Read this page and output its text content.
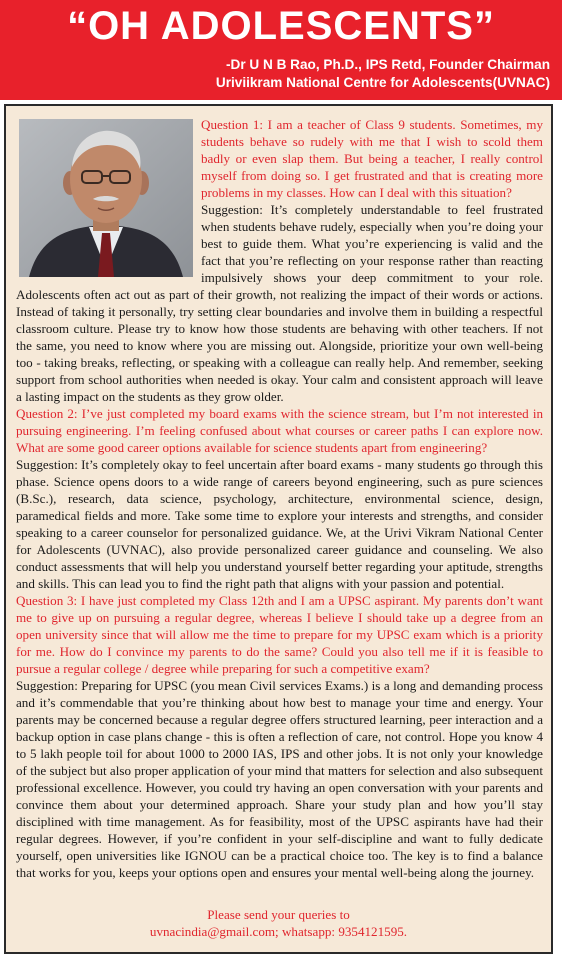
“OH ADOLESCENTS”
-Dr U N B Rao, Ph.D., IPS Retd, Founder Chairman
Uriviikram National Centre for Adolescents(UVNAC)

Question 1: I am a teacher of Class 9 students. Sometimes, my students behave so rudely with me that I wish to scold them badly or even slap them. But being a teacher, I really control myself from doing so. I get frustrated and that is creating more problems in my classes. How can I deal with this situation?

Suggestion: It’s completely understandable to feel frustrated when students behave rudely, especially when you’re doing your best to guide them. What you’re experiencing is valid and the fact that you’re reflecting on your response rather than reacting impulsively shows your deep commitment to your role. Adolescents often act out as part of their growth, not realizing the impact of their words or actions. Instead of taking it personally, try setting clear boundaries and involve them in building a respectful classroom culture. Please try to know how those students are behaving with other teachers. If not the same, you need to know where you are missing out. Alongside, prioritize your own well-being too - taking breaks, reflecting, or speaking with a colleague can really help. And remember, seeking support from school authorities when needed is okay. Your calm and consistent approach will leave a lasting impact on the students as they grow older.

Question 2: I’ve just completed my board exams with the science stream, but I’m not interested in pursuing engineering. I’m feeling confused about what courses or career paths I can explore now. What are some good career options available for science students apart from engineering?

Suggestion: It’s completely okay to feel uncertain after board exams - many students go through this phase. Science opens doors to a wide range of careers beyond engineering, such as pure sciences (B.Sc.), research, data science, psychology, architecture, environmental science, design, paramedical fields and more. Take some time to explore your interests and strengths, and consider speaking to a career counselor for personalized guidance. We, at the Urivi Vikram National Center for Adolescents (UVNAC), also provide personalized career guidance and counseling. We also conduct assessments that will help you understand yourself better regarding your aptitude, strengths and skills. This can lead you to find the right path that aligns with your passion and potential.

Question 3: I have just completed my Class 12th and I am a UPSC aspirant. My parents don’t want me to give up on pursuing a regular degree, whereas I believe I should take up a degree from an open university since that will allow me the time to prepare for my UPSC exam which is a priority for me. How do I convince my parents to do the same? Could you also tell me if it is feasible to pursue a regular college / degree while preparing for such a competitive exam?

Suggestion: Preparing for UPSC (you mean Civil services Exams.) is a long and demanding process and it’s commendable that you’re thinking about how best to manage your time and energy. Your parents may be concerned because a regular degree offers structured learning, peer interaction and a backup option in case plans change - this is often a reflection of care, not control. Hope you know 4 to 5 lakh people toil for about 1000 to 2000 IAS, IPS and other jobs. It is not only your knowledge of the subject but also proper application of your mind that matters for selection and also subsequent professional excellence. However, you could try having an open conversation with your parents and convince them about your determined approach. Share your study plan and how you’ll stay disciplined with time management. As for feasibility, most of the UPSC aspirants have had their regular degrees. However, if you’re confident in your self-discipline and want to fully dedicate yourself, open universities like IGNOU can be a practical choice too. The key is to find a balance that works for you, keeps your options open and ensures your mental well-being along the journey.

Please send your queries to
uvnacindia@gmail.com; whatsapp: 9354121595.
